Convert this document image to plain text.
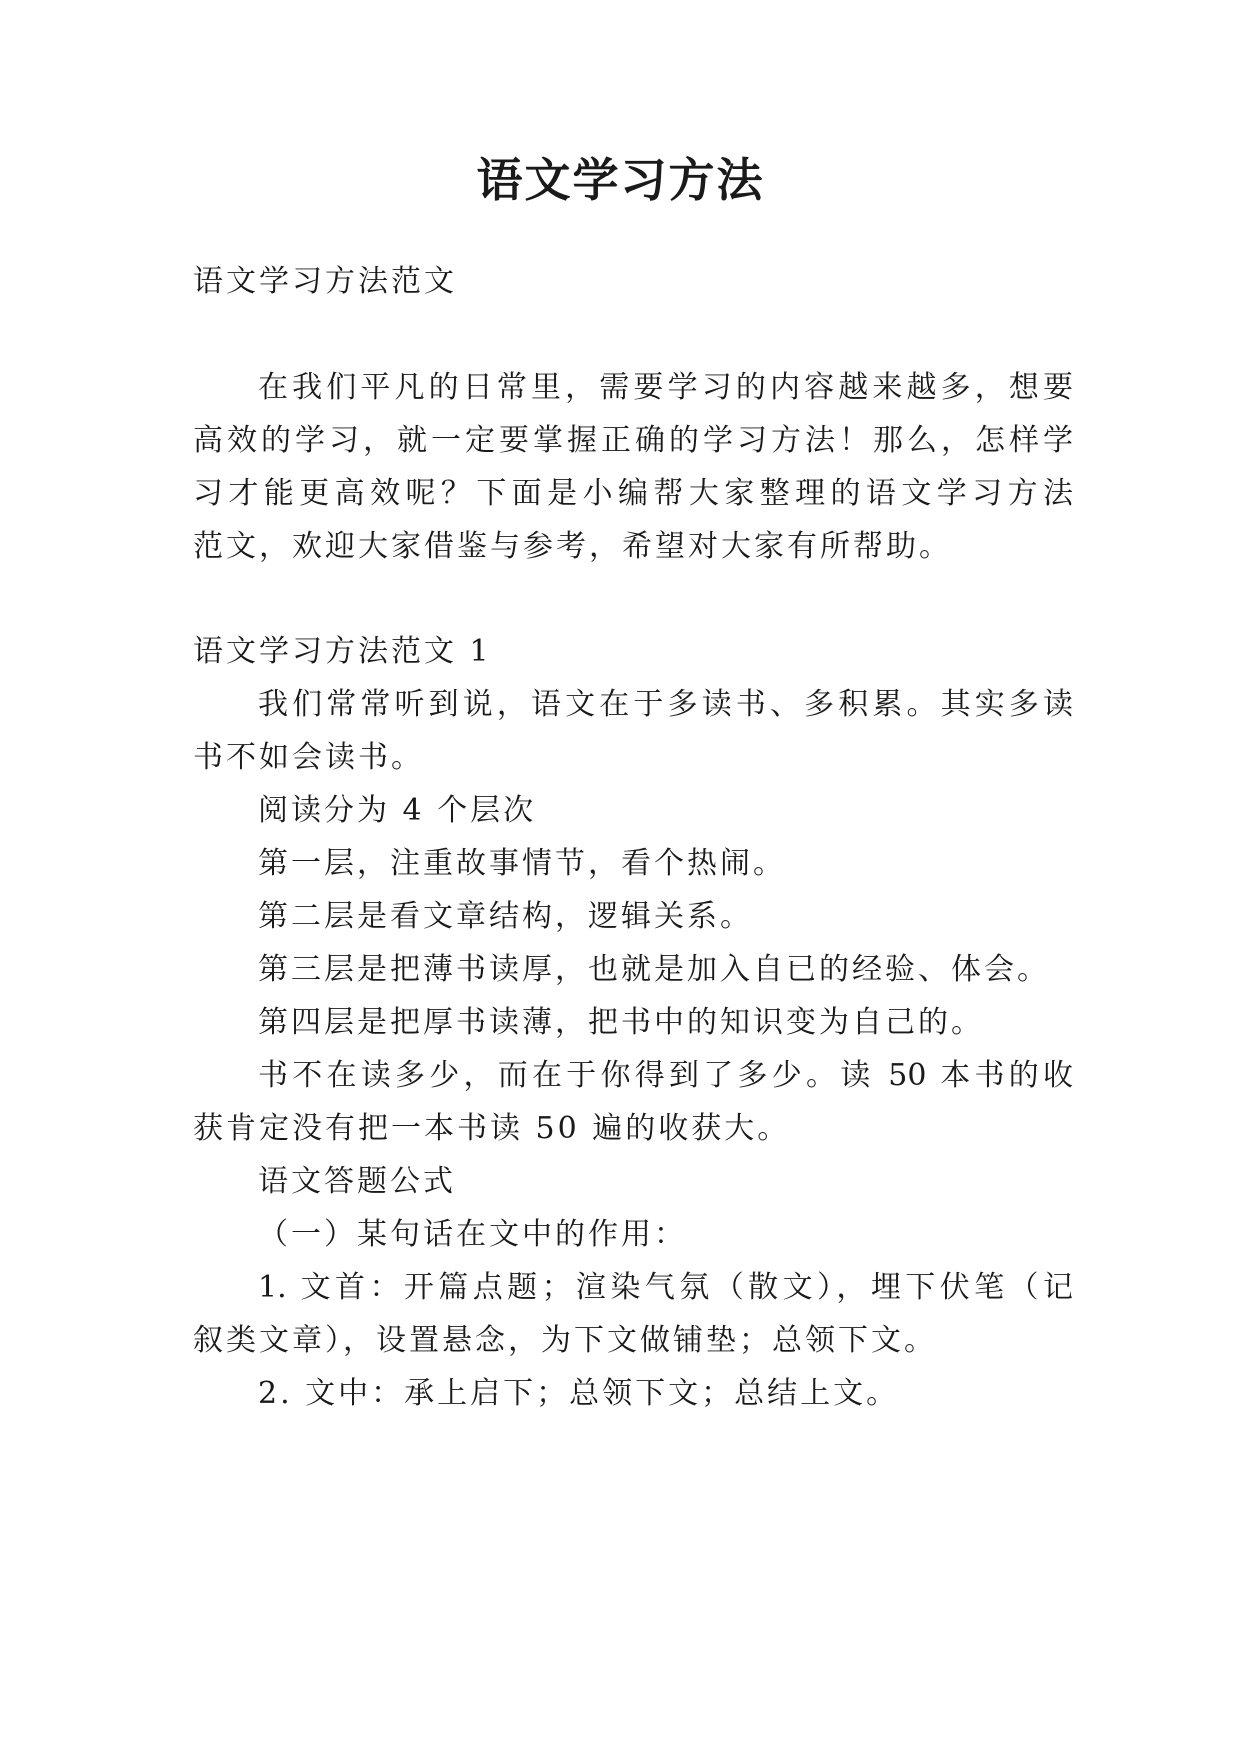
语文学习方法
语文学习方法范文
在我们平凡的日常里，需要学习的内容越来越多，想要
高效的学习，就一定要掌握正确的学习方法！那么，怎样学
习才能更高效呢？下面是小编帮大家整理的语文学习方法
范文，欢迎大家借鉴与参考，希望对大家有所帮助。
语文学习方法范文 1
我们常常听到说，语文在于多读书、多积累。其实多读
书不如会读书。
阅读分为 4 个层次
第一层，注重故事情节，看个热闹。
第二层是看文章结构，逻辑关系。
第三层是把薄书读厚，也就是加入自已的经验、体会。
第四层是把厚书读薄，把书中的知识变为自己的。
书不在读多少，而在于你得到了多少。读 50 本书的收
获肯定没有把一本书读 50 遍的收获大。
语文答题公式
（一）某句话在文中的作用：
1. 文首：开篇点题；渲染气氛（散文），埋下伏笔（记
叙类文章），设置悬念，为下文做铺垫；总领下文。
2. 文中：承上启下；总领下文；总结上文。
